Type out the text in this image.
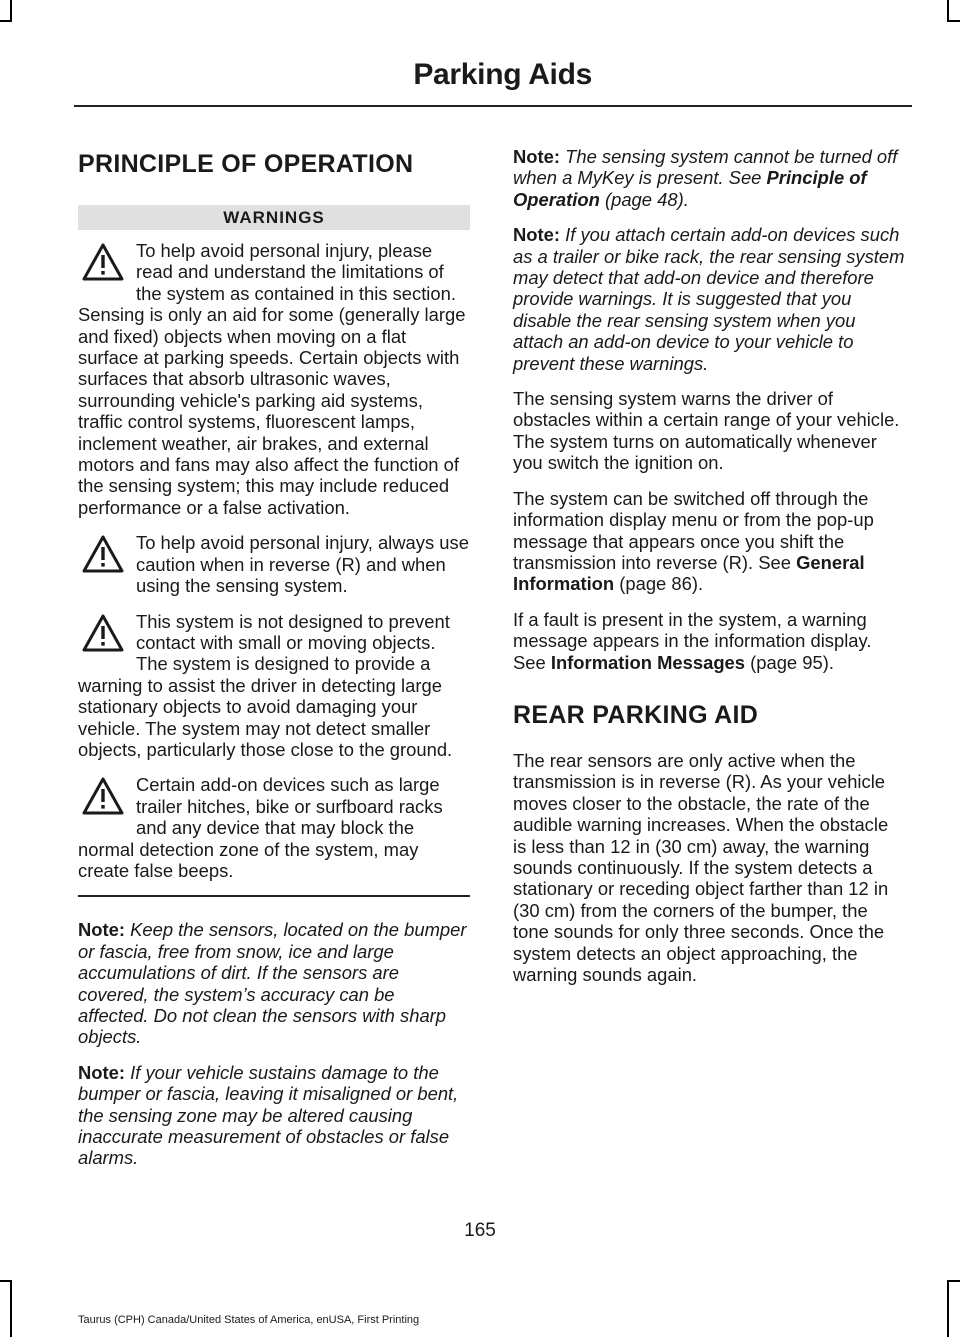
Parking Aids
PRINCIPLE OF OPERATION
WARNINGS

To help avoid personal injury, please read and understand the limitations of the system as contained in this section. Sensing is only an aid for some (generally large and fixed) objects when moving on a flat surface at parking speeds. Certain objects with surfaces that absorb ultrasonic waves, surrounding vehicle's parking aid systems, traffic control systems, fluorescent lamps, inclement weather, air brakes, and external motors and fans may also affect the function of the sensing system; this may include reduced performance or a false activation.

To help avoid personal injury, always use caution when in reverse (R) and when using the sensing system.

This system is not designed to prevent contact with small or moving objects. The system is designed to provide a warning to assist the driver in detecting large stationary objects to avoid damaging your vehicle. The system may not detect smaller objects, particularly those close to the ground.

Certain add-on devices such as large trailer hitches, bike or surfboard racks and any device that may block the normal detection zone of the system, may create false beeps.

Note: Keep the sensors, located on the bumper or fascia, free from snow, ice and large accumulations of dirt. If the sensors are covered, the system’s accuracy can be affected. Do not clean the sensors with sharp objects.

Note: If your vehicle sustains damage to the bumper or fascia, leaving it misaligned or bent, the sensing zone may be altered causing inaccurate measurement of obstacles or false alarms.

Note: The sensing system cannot be turned off when a MyKey is present. See Principle of Operation (page 48).

Note: If you attach certain add-on devices such as a trailer or bike rack, the rear sensing system may detect that add-on device and therefore provide warnings. It is suggested that you disable the rear sensing system when you attach an add-on device to your vehicle to prevent these warnings.

The sensing system warns the driver of obstacles within a certain range of your vehicle. The system turns on automatically whenever you switch the ignition on.

The system can be switched off through the information display menu or from the pop-up message that appears once you shift the transmission into reverse (R). See General Information (page 86).

If a fault is present in the system, a warning message appears in the information display. See Information Messages (page 95).

REAR PARKING AID

The rear sensors are only active when the transmission is in reverse (R). As your vehicle moves closer to the obstacle, the rate of the audible warning increases. When the obstacle is less than 12 in (30 cm) away, the warning sounds continuously. If the system detects a stationary or receding object farther than 12 in (30 cm) from the corners of the bumper, the tone sounds for only three seconds. Once the system detects an object approaching, the warning sounds again.

165
Taurus (CPH) Canada/United States of America, enUSA, First Printing
